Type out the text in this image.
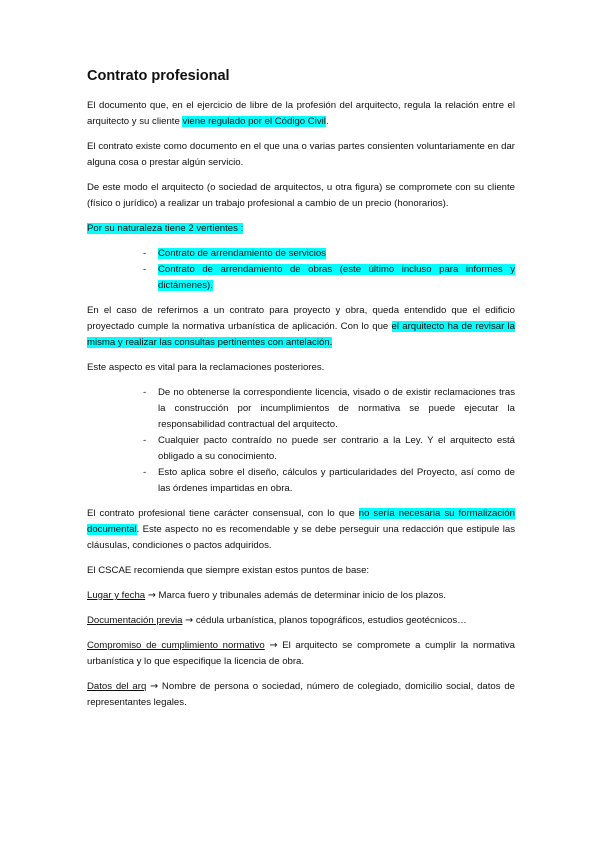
Contrato profesional

El documento que, en el ejercicio de libre de la profesión del arquitecto, regula la relación entre el arquitecto y su cliente viene regulado por el Código Civil.

El contrato existe como documento en el que una o varias partes consienten voluntariamente en dar alguna cosa o prestar algún servicio.

De este modo el arquitecto (o sociedad de arquitectos, u otra figura) se compromete con su cliente (físico o jurídico) a realizar un trabajo profesional a cambio de un precio (honorarios).

Por su naturaleza tiene 2 vertientes :

- Contrato de arrendamiento de servicios
- Contrato de arrendamiento de obras (este último incluso para informes y dictámenes).

En el caso de referirnos a un contrato para proyecto y obra, queda entendido que el edificio proyectado cumple la normativa urbanística de aplicación. Con lo que el arquitecto ha de revisar la misma y realizar las consultas pertinentes con antelación.

Este aspecto es vital para la reclamaciones posteriores.

- De no obtenerse la correspondiente licencia, visado o de existir reclamaciones tras la construcción por incumplimientos de normativa se puede ejecutar la responsabilidad contractual del arquitecto.
- Cualquier pacto contraído no puede ser contrario a la Ley. Y el arquitecto está obligado a su conocimiento.
- Esto aplica sobre el diseño, cálculos y particularidades del Proyecto, así como de las órdenes impartidas en obra.

El contrato profesional tiene carácter consensual, con lo que no sería necesaria su formalización documental. Este aspecto no es recomendable y se debe perseguir una redacción que estipule las cláusulas, condiciones o pactos adquiridos.

El CSCAE recomienda que siempre existan estos puntos de base:

Lugar y fecha → Marca fuero y tribunales además de determinar inicio de los plazos.

Documentación previa → cédula urbanística, planos topográficos, estudios geotécnicos…

Compromiso de cumplimiento normativo → El arquitecto se compromete a cumplir la normativa urbanística y lo que especifique la licencia de obra.

Datos del arq → Nombre de persona o sociedad, número de colegiado, domicilio social, datos de representantes legales.
